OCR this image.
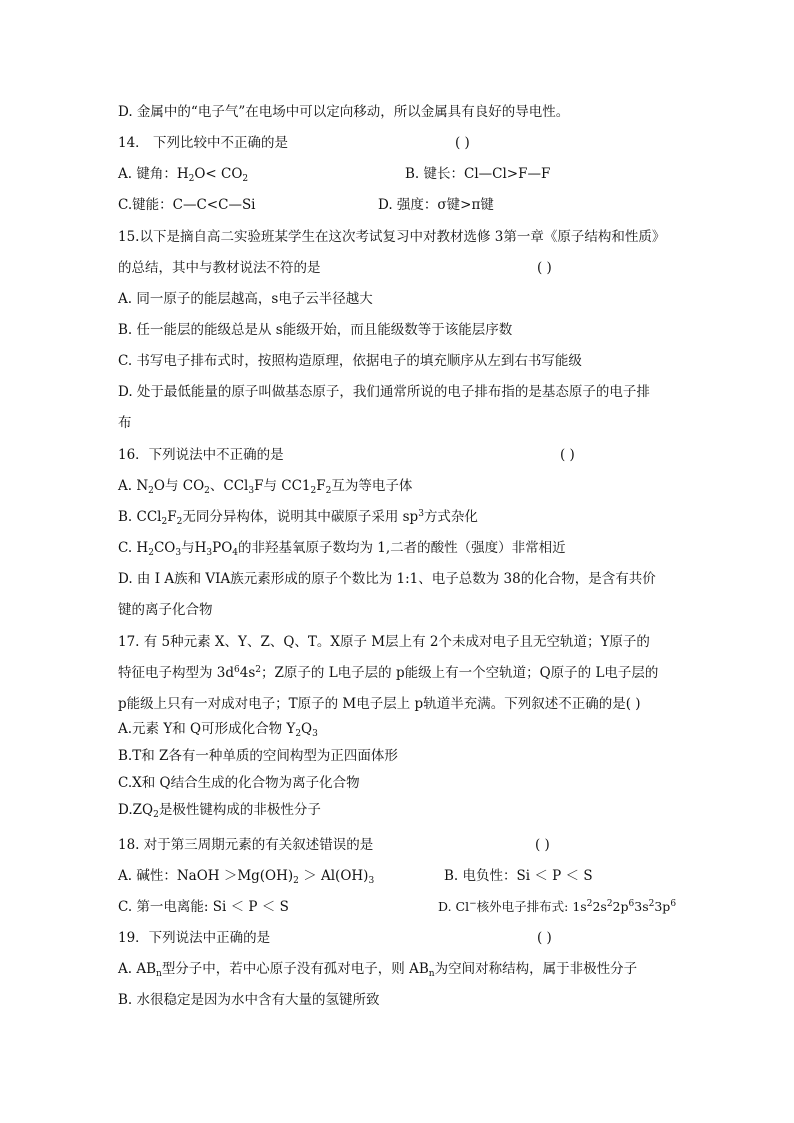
D. 金属中的“电子气”在电场中可以定向移动，所以金属具有良好的导电性。
14． 下列比较中不正确的是	( )
A. 键角：$H_2O< CO_2$	B. 键长：Cl—Cl>F—F
C.键能：C—C<C—Si	D. 强度：σ键>π键
15.以下是摘自高二实验班某学生在这次考试复习中对教材选修 3第一章《原子结构和性质》
的总结，其中与教材说法不符的是	( )
A. 同一原子的能层越高，s电子云半径越大
B. 任一能层的能级总是从 s能级开始，而且能级数等于该能层序数
C. 书写电子排布式时，按照构造原理，依据电子的填充顺序从左到右书写能级
D. 处于最低能量的原子叫做基态原子，我们通常所说的电子排布指的是基态原子的电子排
布
16．下列说法中不正确的是	( )
A. $N_2O$与 $CO_2$、CCl$_3$F与 $CC1_2F_2$互为等电子体
B. $CCl_2F_2$无同分异构体，说明其中碳原子采用 $sp^3$方式杂化
C. $H_2CO_3$与$H_3PO_4$的非羟基氧原子数均为 1,二者的酸性（强度）非常相近
D. 由 I A族和 VIA族元素形成的原子个数比为 1:1、电子总数为 38的化合物，是含有共价
键的离子化合物
17. 有 5种元素 X、Y、Z、Q、T。X原子 M层上有 2个未成对电子且无空轨道；Y原子的
特征电子构型为 $3d^64s^2$；Z原子的 L电子层的 p能级上有一个空轨道；Q原子的 L电子层的
p能级上只有一对成对电子；T原子的 M电子层上 p轨道半充满。下列叙述不正确的是( )
A.元素 Y和 Q可形成化合物 $Y_2Q_3$
B.T和 Z各有一种单质的空间构型为正四面体形
C.X和 Q结合生成的化合物为离子化合物
$D.ZQ_2$是极性键构成的非极性分子
18. 对于第三周期元素的有关叙述错误的是	( )
A. 碱性：NaOH $>Mg(OH)_2 > Al(OH)_3$	B. 电负性：Si ＜ P ＜ S
C. 第一电离能: Si ＜ P ＜ S	D. Cl−核外电子排布式: $1s^22s^22p^63s^23p^6$
19．下列说法中正确的是	( )
A. $AB_n$型分子中，若中心原子没有孤对电子，则 $AB_n$为空间对称结构，属于非极性分子
B. 水很稳定是因为水中含有大量的氢键所致
